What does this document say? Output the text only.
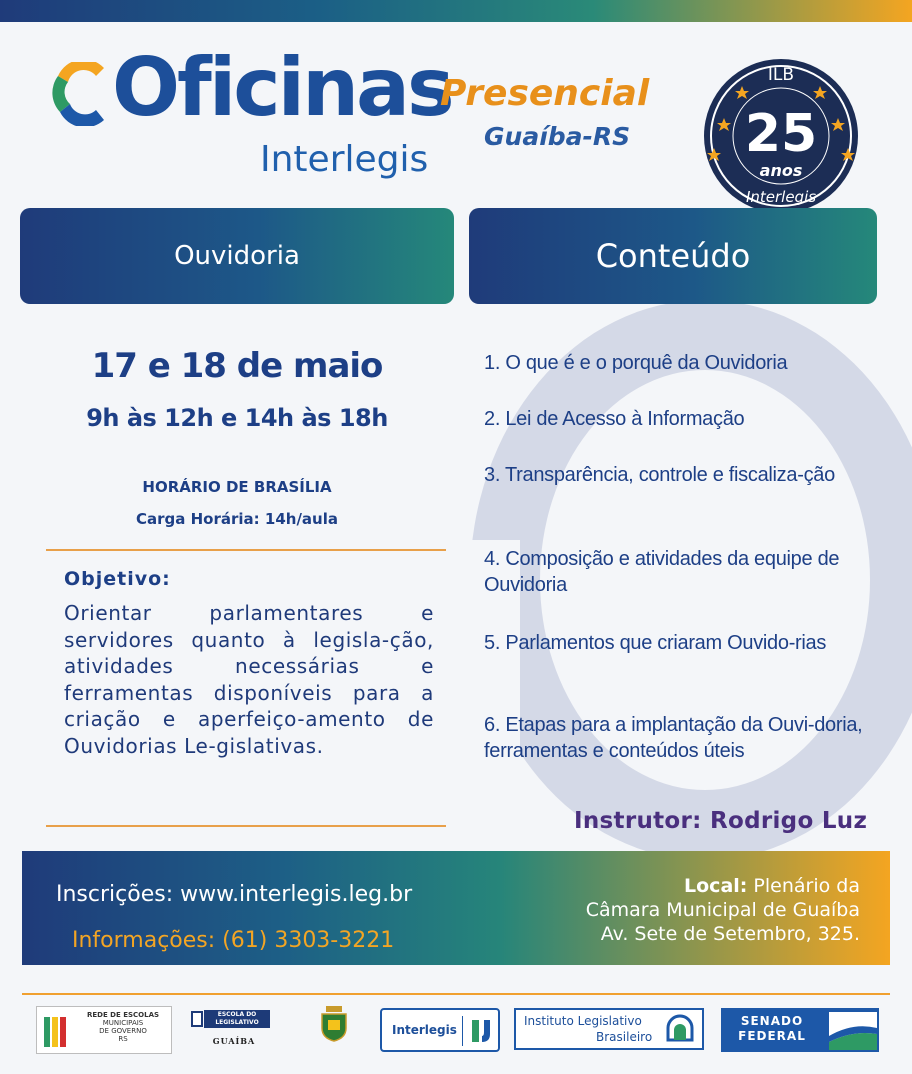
Oficinas
Interlegis
Presencial
Guaíba-RS
ILB
25
anos
Interlegis
Ouvidoria	Conteúdo
17 e 18 de maio
9h às 12h e 14h às 18h
HORÁRIO DE BRASÍLIA
Carga Horária: 14h/aula
Objetivo:
Orientar parlamentares e servidores quanto à legisla-ção, atividades necessárias e ferramentas disponíveis para a criação e aperfeiço-amento de Ouvidorias Le-gislativas.
1. O que é e o porquê da Ouvidoria
2. Lei de Acesso à Informação
3. Transparência, controle e fiscaliza-ção
4. Composição e atividades da equipe de Ouvidoria
5. Parlamentos que criaram Ouvido-rias
6. Etapas para a implantação da Ouvi-doria, ferramentas e conteúdos úteis
Instrutor: Rodrigo Luz
Inscrições: www.interlegis.leg.br
Informações: (61) 3303-3221
Local: Plenário da
Câmara Municipal de Guaíba
Av. Sete de Setembro, 325.
REDE DE ESCOLAS
MUNICIPAIS
DE GOVERNO
RS
ESCOLA DO
LEGISLATIVO
GUAÍBA
Interlegis
Instituto Legislativo
Brasileiro
SENADO
FEDERAL
